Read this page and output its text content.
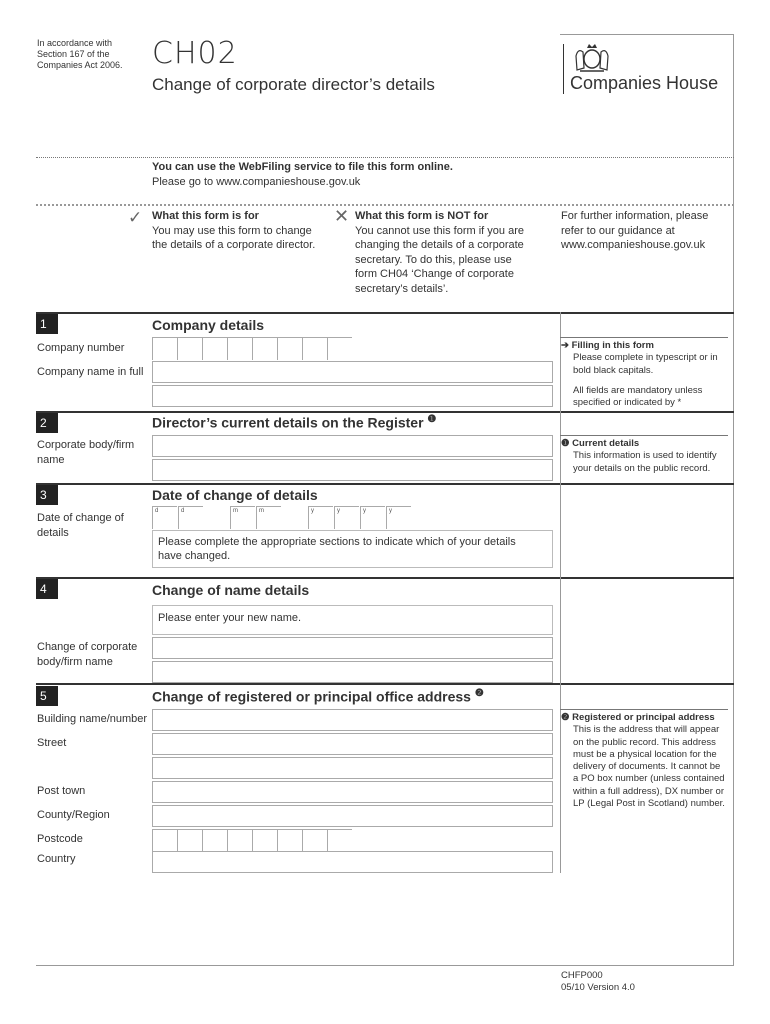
In accordance with
Section 167 of the
Companies Act 2006. CH02
Change of corporate director’s details	Companies House
You can use the WebFiling service to file this form online.
Please go to www.companieshouse.gov.uk
✓ What this form is for
You may use this form to change
the details of a corporate director.
✕ What this form is NOT for
You cannot use this form if you are
changing the details of a corporate
secretary. To do this, please use
form CH04 ‘Change of corporate
secretary’s details’.
For further information, please
refer to our guidance at
www.companieshouse.gov.uk
1	Company details
Company number
Company name in full
➔ Filling in this form
Please complete in typescript or in
bold black capitals.
All fields are mandatory unless
specified or indicated by *
2	Director’s current details on the Register $^❶$
Corporate body/firm
name
❶ Current details
This information is used to identify
your details on the public record.
3	Date of change of details
Date of change of
details
d	d	m	m	y	y	y	y
Please complete the appropriate sections to indicate which of your details
have changed.
4	Change of name details
Please enter your new name.
Change of corporate
body/firm name
5	Change of registered or principal office address $^❷$
Building name/number
Street
Post town
County/Region
Postcode
Country
❷ Registered or principal address
This is the address that will appear
on the public record. This address
must be a physical location for the
delivery of documents. It cannot be
a PO box number (unless contained
within a full address), DX number or
LP (Legal Post in Scotland) number.
CHFP000
05/10 Version 4.0
